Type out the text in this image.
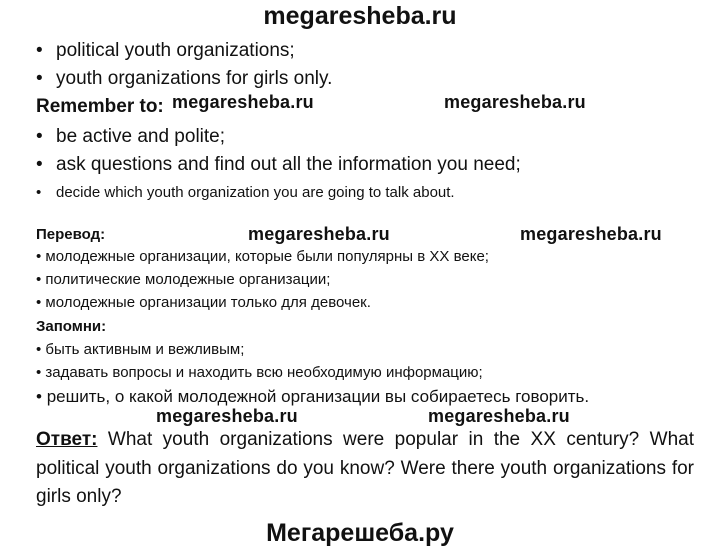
megaresheba.ru
• political youth organizations;
• youth organizations for girls only.
Remember to: megaresheba.ru	megaresheba.ru
• be active and polite;
• ask questions and find out all the information you need;
• decide which youth organization you are going to talk about.
Перевод:	megaresheba.ru	megaresheba.ru
• молодежные организации, которые были популярны в XX веке;
• политические молодежные организации;
• молодежные организации только для девочек.
Запомни:
• быть активным и вежливым;
• задавать вопросы и находить всю необходимую информацию;
• решить, о какой молодежной организации вы собираетесь говорить.
megaresheba.ru	megaresheba.ru
Ответ: What youth organizations were popular in the XX century? What political youth organizations do you know? Were there youth organizations for girls only?
Мегарешеба.ру
